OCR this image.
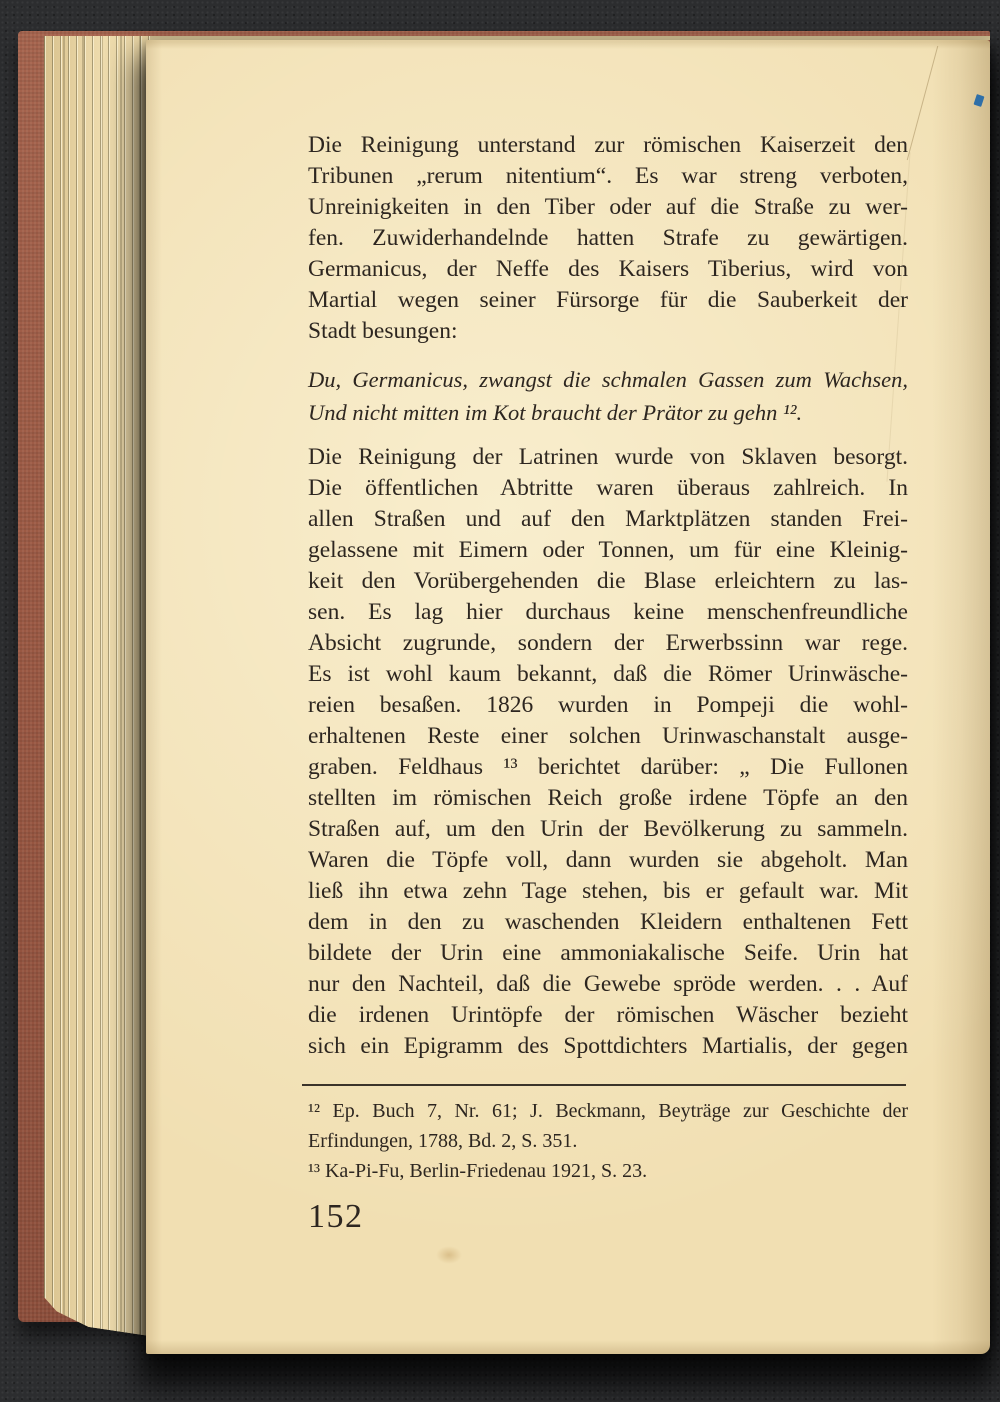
Die Reinigung unterstand zur römischen Kaiserzeit den
Tribunen „rerum nitentium“. Es war streng verboten,
Unreinigkeiten in den Tiber oder auf die Straße zu wer-
fen. Zuwiderhandelnde hatten Strafe zu gewärtigen.
Germanicus, der Neffe des Kaisers Tiberius, wird von
Martial wegen seiner Fürsorge für die Sauberkeit der
Stadt besungen:
Du, Germanicus, zwangst die schmalen Gassen zum Wachsen,
Und nicht mitten im Kot braucht der Prätor zu gehn ¹².
Die Reinigung der Latrinen wurde von Sklaven besorgt.
Die öffentlichen Abtritte waren überaus zahlreich. In
allen Straßen und auf den Marktplätzen standen Frei-
gelassene mit Eimern oder Tonnen, um für eine Kleinig-
keit den Vorübergehenden die Blase erleichtern zu las-
sen. Es lag hier durchaus keine menschenfreundliche
Absicht zugrunde, sondern der Erwerbssinn war rege.
Es ist wohl kaum bekannt, daß die Römer Urinwäsche-
reien besaßen. 1826 wurden in Pompeji die wohl-
erhaltenen Reste einer solchen Urinwaschanstalt ausge-
graben. Feldhaus ¹³ berichtet darüber: „ Die Fullonen
stellten im römischen Reich große irdene Töpfe an den
Straßen auf, um den Urin der Bevölkerung zu sammeln.
Waren die Töpfe voll, dann wurden sie abgeholt. Man
ließ ihn etwa zehn Tage stehen, bis er gefault war. Mit
dem in den zu waschenden Kleidern enthaltenen Fett
bildete der Urin eine ammoniakalische Seife. Urin hat
nur den Nachteil, daß die Gewebe spröde werden. . . Auf
die irdenen Urintöpfe der römischen Wäscher bezieht
sich ein Epigramm des Spottdichters Martialis, der gegen
¹² Ep. Buch 7, Nr. 61; J. Beckmann, Beyträge zur Geschichte der
Erfindungen, 1788, Bd. 2, S. 351.
¹³ Ka-Pi-Fu, Berlin-Friedenau 1921, S. 23.
152
